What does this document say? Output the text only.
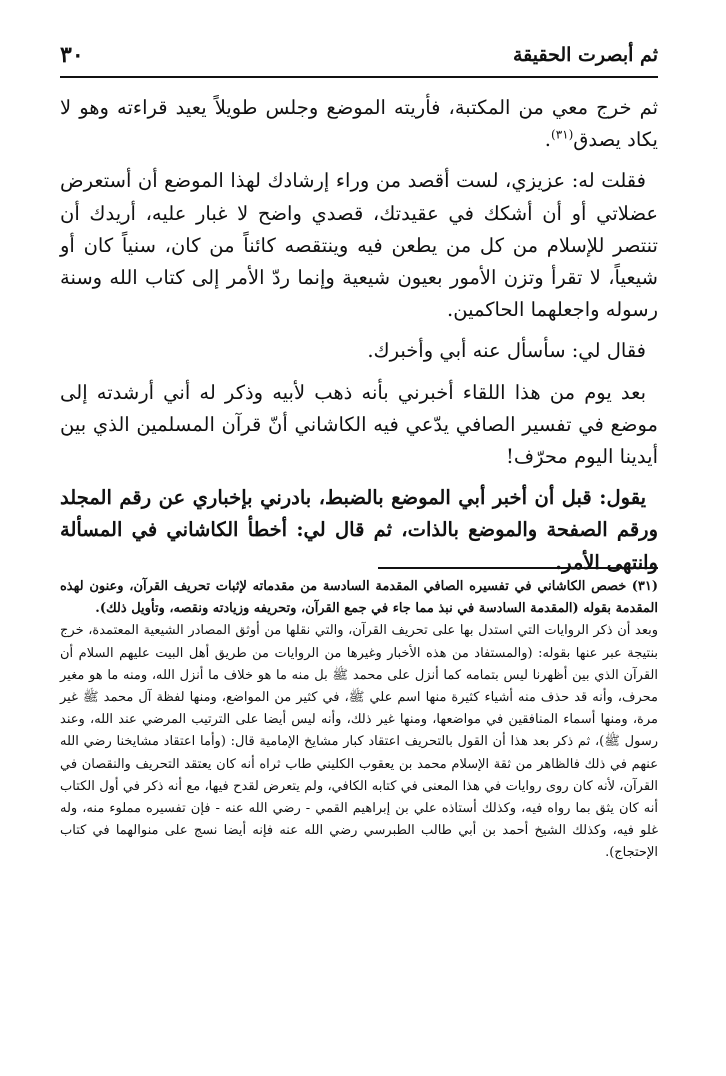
ثم أبصرت الحقيقة
٣٠

ثم خرج معي من المكتبة، فأريته الموضع وجلس طويلاً يعيد قراءته وهو لا يكاد يصدق$^{(٣١)}$.

فقلت له: عزيزي، لست أقصد من وراء إرشادك لهذا الموضع أن أستعرض عضلاتي أو أن أشكك في عقيدتك، قصدي واضح لا غبار عليه، أريدك أن تنتصر للإسلام من كل من يطعن فيه وينتقصه كائناً من كان، سنياً كان أو شيعياً، لا تقرأ وتزن الأمور بعيون شيعية وإنما ردّ الأمر إلى كتاب الله وسنة رسوله واجعلهما الحاكمين.

فقال لي: سأسأل عنه أبي وأخبرك.

بعد يوم من هذا اللقاء أخبرني بأنه ذهب لأبيه وذكر له أني أرشدته إلى موضع في تفسير الصافي يدّعي فيه الكاشاني أنّ قرآن المسلمين الذي بين أيدينا اليوم محرّف!

يقول: قبل أن أخبر أبي الموضع بالضبط، بادرني بإخباري عن رقم المجلد ورقم الصفحة والموضع بالذات، ثم قال لي: أخطأ الكاشاني في المسألة وانتهى الأمر.

(٣١) خصص الكاشاني في تفسيره الصافي المقدمة السادسة من مقدماته لإثبات تحريف القرآن، وعنون لهذه المقدمة بقوله (المقدمة السادسة في نبذ مما جاء في جمع القرآن، وتحريفه وزيادته ونقصه، وتأويل ذلك).

وبعد أن ذكر الروايات التي استدل بها على تحريف القرآن، والتي نقلها من أوثق المصادر الشيعية المعتمدة، خرج بنتيجة عبر عنها بقوله: (والمستفاد من هذه الأخبار وغيرها من الروايات من طريق أهل البيت عليهم السلام أن القرآن الذي بين أظهرنا ليس بتمامه كما أنزل على محمد ﷺ بل منه ما هو خلاف ما أنزل الله، ومنه ما هو مغير محرف، وأنه قد حذف منه أشياء كثيرة منها اسم علي ﷺ، في كثير من المواضع، ومنها لفظة آل محمد ﷺ غير مرة، ومنها أسماء المنافقين في مواضعها، ومنها غير ذلك، وأنه ليس أيضا على الترتيب المرضي عند الله، وعند رسول ﷺ)، ثم ذكر بعد هذا أن القول بالتحريف اعتقاد كبار مشايخ الإمامية قال: (وأما اعتقاد مشايخنا رضي الله عنهم في ذلك فالظاهر من ثقة الإسلام محمد بن يعقوب الكليني طاب ثراه أنه كان يعتقد التحريف والنقصان في القرآن، لأنه كان روى روايات في هذا المعنى في كتابه الكافي، ولم يتعرض لقدح فيها، مع أنه ذكر في أول الكتاب أنه كان يثق بما رواه فيه، وكذلك أستاذه علي بن إبراهيم القمي - رضي الله عنه - فإن تفسيره مملوء منه، وله غلو فيه، وكذلك الشيخ أحمد بن أبي طالب الطبرسي رضي الله عنه فإنه أيضا نسج على منوالهما في كتاب الإحتجاج).
